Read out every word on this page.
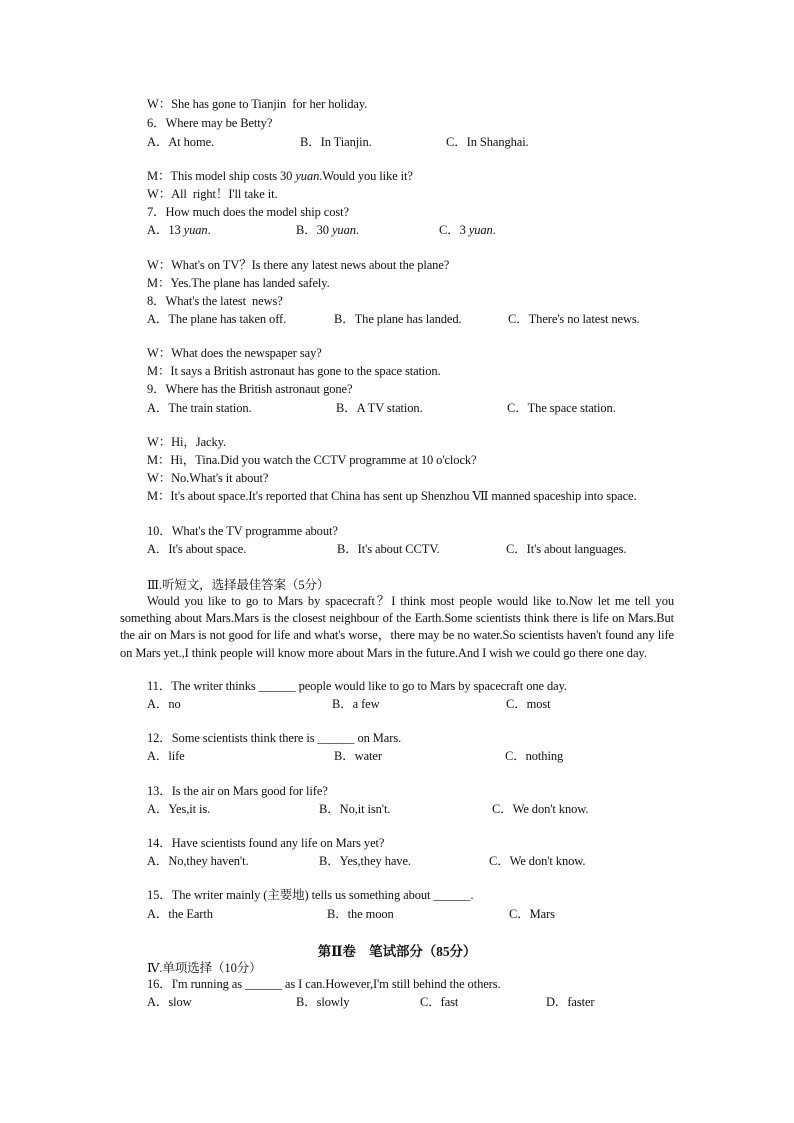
W：She has gone to Tianjin  for her holiday.
6．Where may be Betty?
A．At home.	B．In Tianjin.	C．In Shanghai.
M：This model ship costs 30 yuan.Would you like it?
W：All  right！I'll take it.
7．How much does the model ship cost?
A．13 yuan.	B．30 yuan.	C．3 yuan.
W：What's on TV？Is there any latest news about the plane?
M：Yes.The plane has landed safely.
8．What's the latest  news?
A．The plane has taken off.	B．The plane has landed.	C．There's no latest news.
W：What does the newspaper say?
M：It says a British astronaut has gone to the space station.
9．Where has the British astronaut gone?
A．The train station.	B．A TV station.	C．The space station.
W：Hi，Jacky.
M：Hi，Tina.Did you watch the CCTV programme at 10 o'clock?
W：No.What's it about?
M：It's about space.It's reported that China has sent up Shenzhou Ⅶ manned spaceship into space.
10．What's the TV programme about?
A．It's about space.	B．It's about CCTV.	C．It's about languages.
Ⅲ.听短文，选择最佳答案（5分）
Would you like to go to Mars by spacecraft？I think most people would like to.Now let me tell you something about Mars.Mars is the closest neighbour of the Earth.Some scientists think there is life on Mars.But the air on Mars is not good for life and what's worse，there may be no water.So scientists haven't found any life on Mars yet.,I think people will know more about Mars in the future.And I wish we could go there one day.
11．The writer thinks ______ people would like to go to Mars by spacecraft one day.
A．no	B．a few	C．most
12．Some scientists think there is ______ on Mars.
A．life	B．water	C．nothing
13．Is the air on Mars good for life?
A．Yes,it is.	B．No,it isn't.	C．We don't know.
14．Have scientists found any life on Mars yet?
A．No,they haven't.	B．Yes,they have.	C．We don't know.
15．The writer mainly (主要地) tells us something about ______.
A．the Earth	B．the moon	C．Mars
第Ⅱ卷　笔试部分（85分）
Ⅳ.单项选择（10分）
16．I'm running as ______ as I can.However,I'm still behind the others.
A．slow	B．slowly	C．fast	D．faster
